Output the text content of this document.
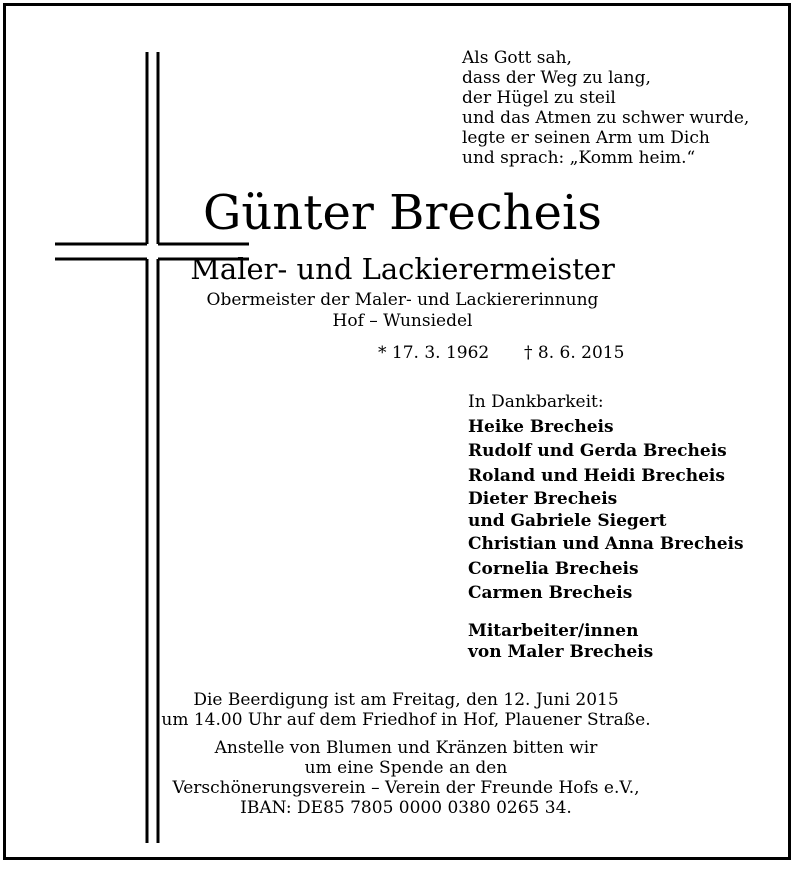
Als Gott sah,
dass der Weg zu lang,
der Hügel zu steil
und das Atmen zu schwer wurde,
legte er seinen Arm um Dich
und sprach: „Komm heim.“
Günter Brecheis
Maler- und Lackierermeister
Obermeister der Maler- und Lackiererinnung
Hof – Wunsiedel
* 17. 3. 1962 † 8. 6. 2015
In Dankbarkeit:
Heike Brecheis
Rudolf und Gerda Brecheis
Roland und Heidi Brecheis
Dieter Brecheis
und Gabriele Siegert
Christian und Anna Brecheis
Cornelia Brecheis
Carmen Brecheis
Mitarbeiter/innen
von Maler Brecheis
Die Beerdigung ist am Freitag, den 12. Juni 2015
um 14.00 Uhr auf dem Friedhof in Hof, Plauener Straße.
Anstelle von Blumen und Kränzen bitten wir
um eine Spende an den
Verschönerungsverein – Verein der Freunde Hofs e.V.,
IBAN: DE85 7805 0000 0380 0265 34.
